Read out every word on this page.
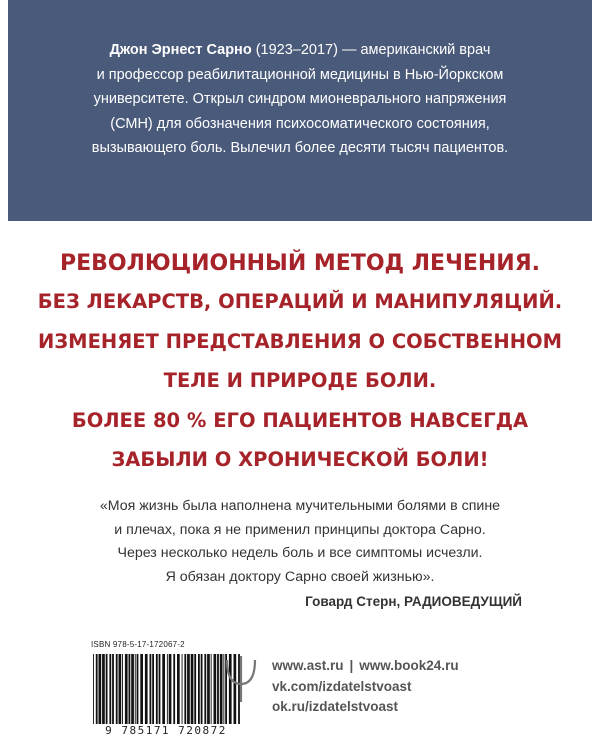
Джон Эрнест Сарно (1923–2017) — американский врач
и профессор реабилитационной медицины в Нью-Йоркском
университете. Открыл синдром мионеврального напряжения
(СМН) для обозначения психосоматического состояния,
вызывающего боль. Вылечил более десяти тысяч пациентов.

РЕВОЛЮЦИОННЫЙ МЕТОД ЛЕЧЕНИЯ.
БЕЗ ЛЕКАРСТВ, ОПЕРАЦИЙ И МАНИПУЛЯЦИЙ.
ИЗМЕНЯЕТ ПРЕДСТАВЛЕНИЯ О СОБСТВЕННОМ
ТЕЛЕ И ПРИРОДЕ БОЛИ.
БОЛЕЕ 80 % ЕГО ПАЦИЕНТОВ НАВСЕГДА
ЗАБЫЛИ О ХРОНИЧЕСКОЙ БОЛИ!

«Моя жизнь была наполнена мучительными болями в спине
и плечах, пока я не применил принципы доктора Сарно.
Через несколько недель боль и все симптомы исчезли.
Я обязан доктору Сарно своей жизнью».

Говард Стерн, РАДИОВЕДУЩИЙ

ISBN 978-5-17-172067-2
9 785171 720872
www.ast.ru | www.book24.ru
vk.com/izdatelstvoast
ok.ru/izdatelstvoast
